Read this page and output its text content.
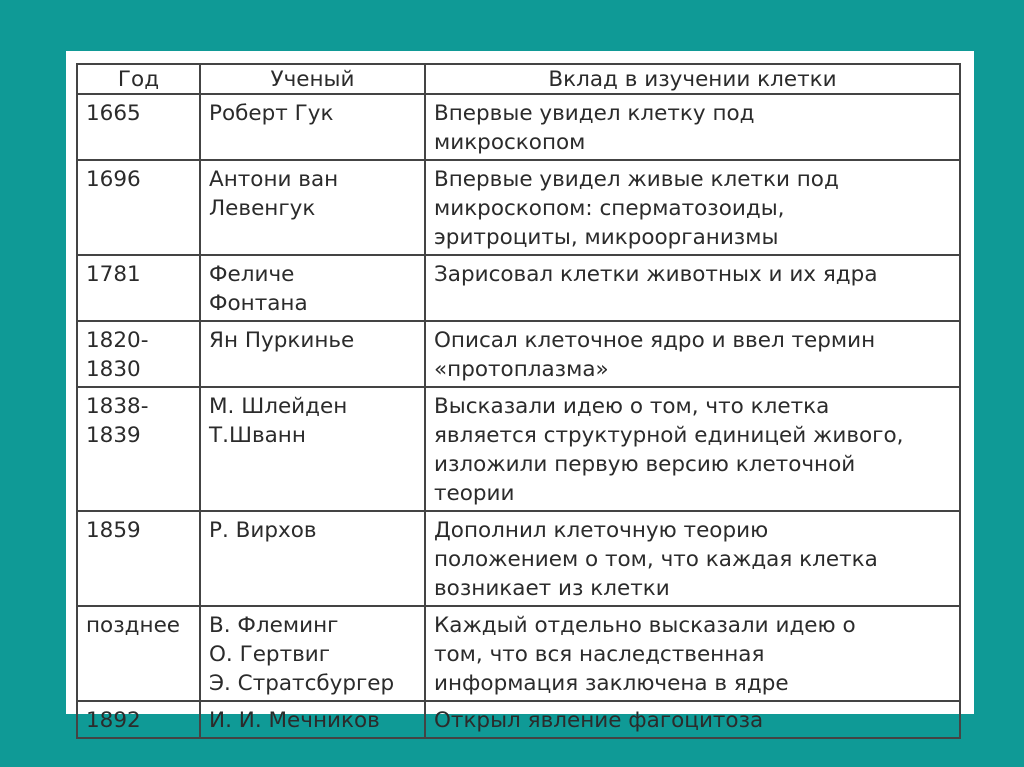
Год	Ученый	Вклад в изучении клетки

1665	Роберт Гук	Впервые увидел клетку под
микроскопом

1696	Антони ван
Левенгук	Впервые увидел живые клетки под
микроскопом: сперматозоиды,
эритроциты, микроорганизмы

1781	Феличе
Фонтана	Зарисовал клетки животных и их ядра

1820-
1830	Ян Пуркинье	Описал клеточное ядро и ввел термин
«протоплазма»

1838-
1839	М. Шлейден
Т.Шванн	Высказали идею о том, что клетка
является структурной единицей живого,
изложили первую версию клеточной
теории

1859	Р. Вирхов	Дополнил клеточную теорию
положением о том, что каждая клетка
возникает из клетки

позднее	В. Флеминг
О. Гертвиг
Э. Стратсбургер	Каждый отдельно высказали идею о
том, что вся наследственная
информация заключена в ядре

1892	И. И. Мечников	Открыл явление фагоцитоза
